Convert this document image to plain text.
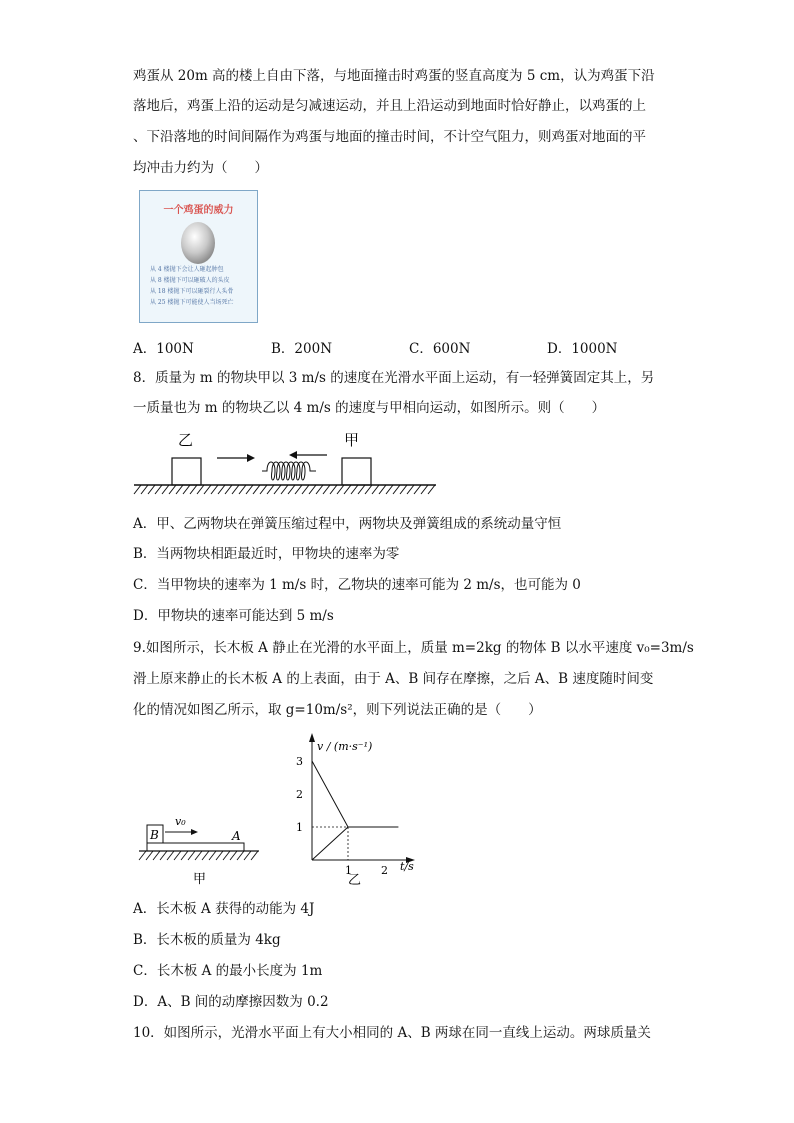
鸡蛋从 20m 高的楼上自由下落，与地面撞击时鸡蛋的竖直高度为 5 cm，认为鸡蛋下沿
落地后，鸡蛋上沿的运动是匀减速运动，并且上沿运动到地面时恰好静止，以鸡蛋的上
、下沿落地的时间间隔作为鸡蛋与地面的撞击时间，不计空气阻力，则鸡蛋对地面的平
均冲击力约为（　　）
一个鸡蛋的威力
从 4 楼抛下会让人砸起肿包
从 8 楼抛下可以砸破人的头皮
从 18 楼抛下可以砸裂行人头骨
从 25 楼抛下可能使人当场死亡
A．100N	B．200N	C．600N	D．1000N
8．质量为 m 的物块甲以 3 m/s 的速度在光滑水平面上运动，有一轻弹簧固定其上，另
一质量也为 m 的物块乙以 4 m/s 的速度与甲相向运动，如图所示。则（　　）
乙	甲
A．甲、乙两物块在弹簧压缩过程中，两物块及弹簧组成的系统动量守恒
B．当两物块相距最近时，甲物块的速率为零
C．当甲物块的速率为 1 m/s 时，乙物块的速率可能为 2 m/s，也可能为 0
D．甲物块的速率可能达到 5 m/s
9.如图所示，长木板 A 静止在光滑的水平面上，质量 m=2kg 的物体 B 以水平速度 v₀=3m/s
滑上原来静止的长木板 A 的上表面，由于 A、B 间存在摩擦，之后 A、B 速度随时间变
化的情况如图乙所示，取 g=10m/s²，则下列说法正确的是（　　）
B	A
v₀
甲
v / (m·s⁻¹)
t/s
3
2
1
1	2
乙
A．长木板 A 获得的动能为 4J
B．长木板的质量为 4kg
C．长木板 A 的最小长度为 1m
D．A、B 间的动摩擦因数为 0.2
10．如图所示，光滑水平面上有大小相同的 A、B 两球在同一直线上运动。两球质量关
